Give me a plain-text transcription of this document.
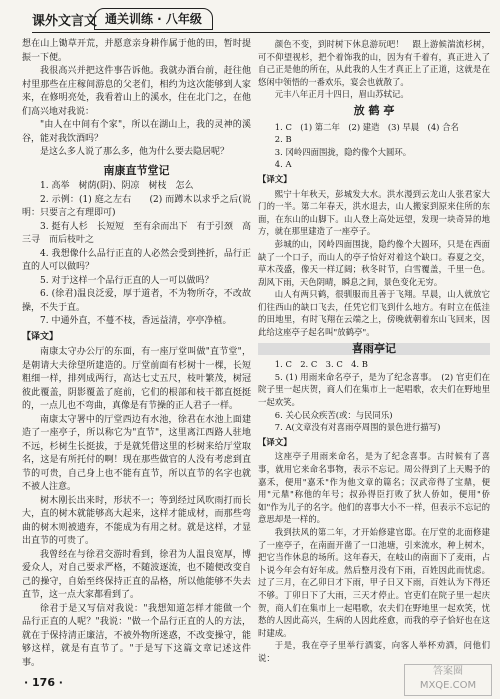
课外文言文 通关训练 · 八年级

想在山上锄草开荒，并愿意亲身耕作属于他的田，暂时提振一下便。

我很高兴并把这件事告诉他。我就办酒台前，赶往他村里那些在庄稼间游息的父老们，相约为这次能够到人家来，在修明亮处，我看着山上的溪水，住在北门之，在他们高兴地对我说：

"由人在中间有个家"，所以在湖山上，我的灵神的溪谷，能对我饮酒吗？

是这么多人说了那么多，他为什么要去隐居呢？

南康直节堂记

1. 高举　树荫(阴)、阴凉　树枝　怎么

2. 示例：(1) 庭之左右　　(2) 而蹲木以求乎之后(说明：只要言之有理即可)

3. 挺有人杉　长短短　至有余而出下　有于引颈　高三寻　而后枝叶之

4. 我想像什么品行正直的人必然会受到挫折，品行正直的人可以做吗？

5. 对于这样一个品行正直的人一可以做吗？

6. (徐君)温良泛爱，厚于道者，不为物所夺，不改故操，不失于直。

7. 中通外直，不蔓不枝，香远益清，亭亭净植。

【译文】

南康太守办公厅的东面，有一座厅堂叫做"直节堂"，是朝请大夫徐望所建造的。厅堂前面有杉树十一棵，长短粗细一样，排列成两行，高达七丈五尺，枝叶繁茂，树冠彼此覆盖，阴影覆盖了庭前，它们的根部和枝干都直挺挺的，一点儿也不弯曲，真像是有节操的正人君子一样。

南康太守署中的厅堂西边有水池，徐君在水池上面建造了一座亭子，所以称它为"直节"，这里离江西路人驻地不远，杉树生长挺拔，于是就凭借这里的杉树来给厅堂取名，这是有所托付的啊！现在那些做官的人没有考虑到直节的可贵，自己身上也不能有直节，所以直节的名字也就不被人注意。

树木刚长出来时，形状不一；等到经过风吹雨打而长大，直的树木就能够高大起来，这样才能成材，而那些弯曲的树木则被遗弃，不能成为有用之材。就是这样，才显出直节的可贵了。

我曾经在与徐君交游时看到，徐君为人温良宽厚，博爱众人，对自己要求严格，不随波逐流，也不随便改变自己的操守，自始至终保持正直的品格，所以他能够不失去直节，这一点大家都看到了。

徐君于是又写信对我说："我想知道怎样才能做一个品行正直的人呢？"我说："做一个品行正直的人的方法，就在于保持清正廉洁，不被外物所迷惑，不改变操守，能够这样，就是有直节了。"于是写下这篇文章记述这件事。

颜色不变，到时树下休息游玩吧！　跟上游候湍流杉树，可不仰望视杉，把个着饰我的山，因为有千着有，真正进入了自己正是他的所在，从此我的人生才真正上了正道，这就是在悠闲中领悟的一番欢乐，宴会也就散了。

元丰八年正月十四日，眉山苏轼记。

放 鹤 亭

1. C　(1) 第二年　(2) 建造　(3) 早晨　(4) 合名

2. B

3. 冈岭四面围拢，隐约像个大圆环。

4. A

【译文】

熙宁十年秋天，彭城发大水。洪水漫到云龙山人张君家大门的一半。第二年春天，洪水退去，山人搬家到原来住所的东面，在东山的山脚下。山人登上高处远望，发现一块奇异的地方，就在那里建造了一座亭子。

彭城的山，冈岭四面围拢，隐约像个大圆环，只是在西面缺了一个口子，而山人的亭子恰好对着这个缺口。春夏之交，草木茂盛，像天一样辽阔；秋冬时节，白雪覆盖，千里一色。刮风下雨，天色阴晴，瞬息之间，景色变化无穷。

山人有两只鹤，很驯服而且善于飞翔。早晨，山人就放它们往西山的缺口飞去，任凭它们飞到什么地方。有时立在低洼的田地里，有时飞翔在云端之上，傍晚就朝着东山飞回来，因此给这座亭子起名叫"放鹤亭"。

喜雨亭记

1. C　2. C　3. C　4. B

5. (1) 用雨来命名亭子，是为了纪念喜事。　(2) 官吏们在院子里一起庆贺，商人们在集市上一起唱歌，农夫们在野地里一起欢笑。

6. 关心民众疾苦(或：与民同乐)

7. A(文章没有对喜雨亭周围的景色进行描写)

【译文】

这座亭子用雨来命名，是为了纪念喜事。古时候有了喜事，就用它来命名事物，表示不忘记。周公得到了上天赐予的嘉禾，便用"嘉禾"作为他文章的篇名；汉武帝得了宝鼎，便用"元鼎"称他的年号；叔孙得臣打败了狄人侨如，便用"侨如"作为儿子的名字。他们的喜事大小不一样，但表示不忘记的意思却是一样的。

我到扶风的第二年，才开始修建官邸。在厅堂的北面修建了一座亭子，在南面开凿了一口池塘，引来流水，种上树木，把它当作休息的场所。这年春天，在岐山的南面下了麦雨，占卜说今年会有好年成。然后整月没有下雨，百姓因此而忧虑。过了三月，在乙卯日才下雨，甲子日又下雨，百姓认为下得还不够。丁卯日下了大雨，三天才停止。官吏们在院子里一起庆贺，商人们在集市上一起唱歌，农夫们在野地里一起欢笑，忧愁的人因此高兴，生病的人因此痊愈，而我的亭子恰好也在这时建成。

于是，我在亭子里举行酒宴，向客人举杯劝酒，问他们说：

· 176 ·
答案圈 MXQE.COM
